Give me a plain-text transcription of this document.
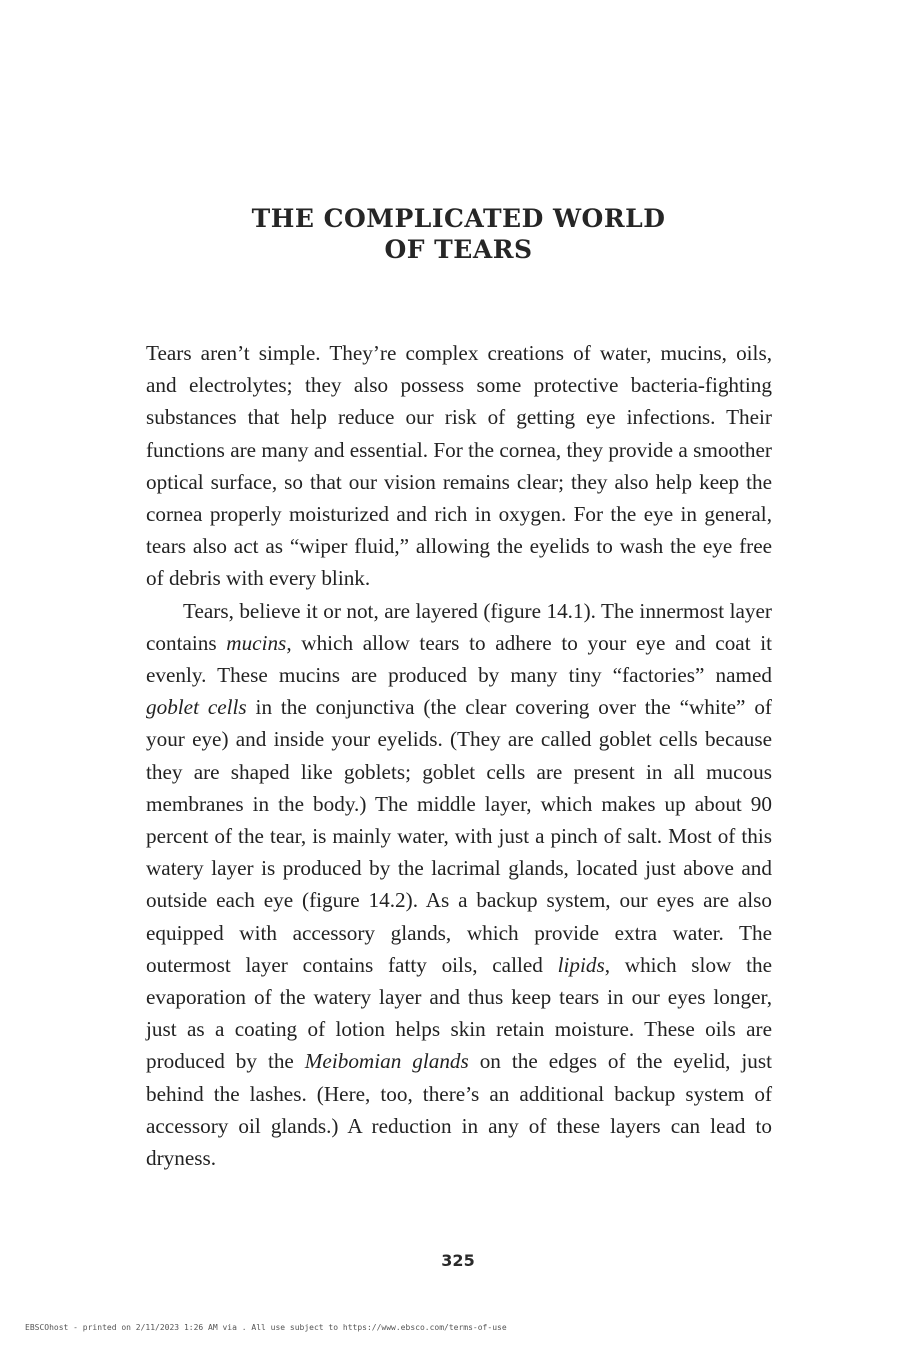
THE COMPLICATED WORLD
OF TEARS

Tears aren’t simple. They’re complex creations of water, mucins, oils, and electrolytes; they also possess some protective bacteria-fighting substances that help reduce our risk of getting eye infections. Their functions are many and essential. For the cornea, they provide a smoother optical surface, so that our vision remains clear; they also help keep the cornea properly moisturized and rich in oxygen. For the eye in general, tears also act as “wiper fluid,” allowing the eyelids to wash the eye free of debris with every blink.

Tears, believe it or not, are layered (figure 14.1). The innermost layer contains mucins, which allow tears to adhere to your eye and coat it evenly. These mucins are produced by many tiny “factories” named goblet cells in the conjunctiva (the clear covering over the “white” of your eye) and inside your eyelids. (They are called goblet cells because they are shaped like goblets; goblet cells are present in all mucous membranes in the body.) The middle layer, which makes up about 90 percent of the tear, is mainly water, with just a pinch of salt. Most of this watery layer is produced by the lacrimal glands, located just above and outside each eye (figure 14.2). As a backup system, our eyes are also equipped with accessory glands, which provide extra water. The outermost layer contains fatty oils, called lipids, which slow the evaporation of the watery layer and thus keep tears in our eyes longer, just as a coating of lotion helps skin retain moisture. These oils are produced by the Meibomian glands on the edges of the eyelid, just behind the lashes. (Here, too, there’s an additional backup system of accessory oil glands.) A reduction in any of these layers can lead to dryness.

325
EBSCOhost - printed on 2/11/2023 1:26 AM via . All use subject to https://www.ebsco.com/terms-of-use
